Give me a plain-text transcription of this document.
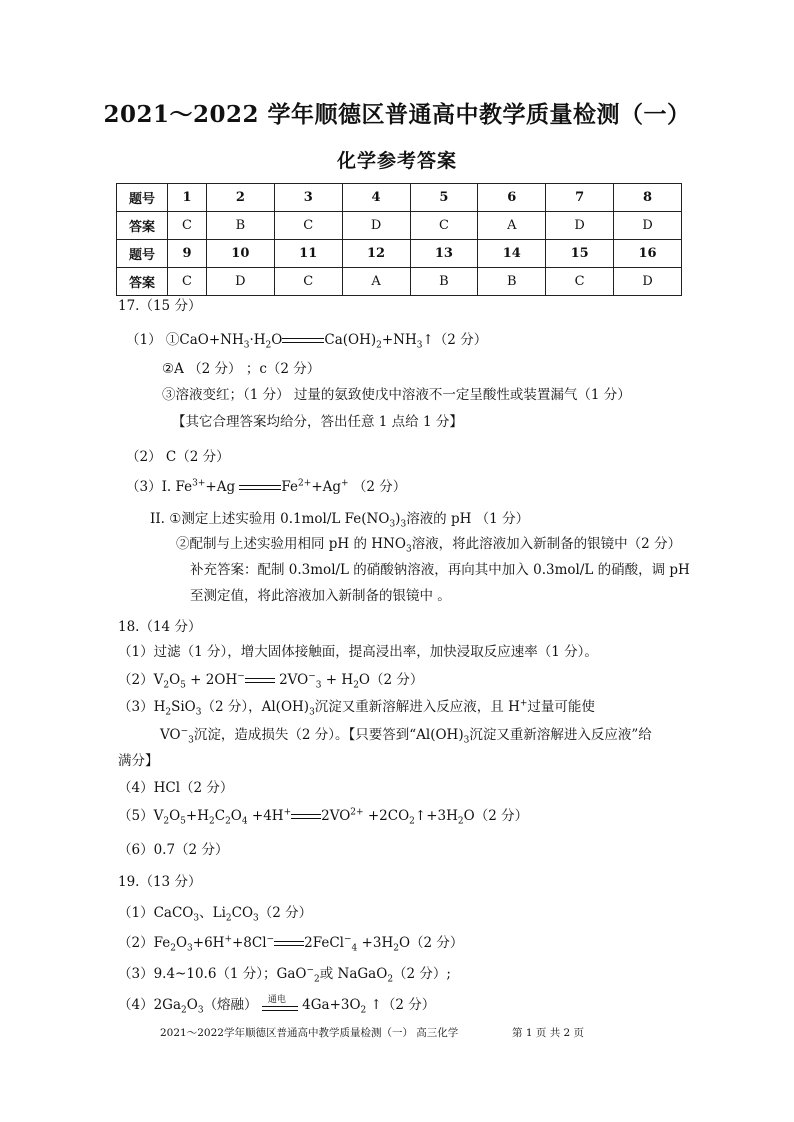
2021～2022 学年顺德区普通高中教学质量检测（一）
化学参考答案
题号	1	2	3	4	5	6	7	8
答案	C	B	C	D	C	A	D	D
题号	9	10	11	12	13	14	15	16
答案	C	D	C	A	B	B	C	D
17.（15 分）
（1） $①CaO+NH_3\cdot H_2O$	$Ca(OH)_2+NH_3↑(2$ 分）
②A （2 分） ；c（2 分）
③溶液变红；（1 分） 过量的氨致使戊中溶液不一定呈酸性或装置漏气（1 分）
【其它合理答案均给分，答出任意 1 点给 1 分】
（2） C（2 分）
（3）I. $Fe^{3+}+Ag$	$Fe^{2+}+Ag^+$ （2 分）
II. ①测定上述实验用 0.1mol/L $Fe(NO_3)_3$溶液的 pH （1 分）
②配制与上述实验用相同 pH 的 $HNO_3$溶液，将此溶液加入新制备的银镜中（2 分）
补充答案：配制 0.3mol/L 的硝酸钠溶液，再向其中加入 0.3mol/L 的硝酸，调 pH
至测定值，将此溶液加入新制备的银镜中 。
18.（14 分）
（1）过滤（1 分），增大固体接触面，提高浸出率，加快浸取反应速率（1 分）。
$(2)V_2O_5 + 2OH^-$	$2VO^-_3 + H_2O(2$ 分）
$(3)H_2SiO_3(2$ 分），$Al(OH)_3$沉淀又重新溶解进入反应液，且 H+过量可能使
$VO^-_3$沉淀，造成损失（2 分）。【只要答到“$Al(OH)_3$沉淀又重新溶解进入反应液”给
满分】
（4）HCl（2 分）
$(5)V_2O_5+H_2C_2O_4 +4H^+$ $2VO^{2+}$ $+2CO_2↑+3H_2O(2$ 分）
（6）0.7（2 分）
19.（13 分）
（1）CaCO$_3$、$Li_2CO_3(2$ 分）
$(2)Fe_2O_3+6H^++8Cl^-$ 2FeCl−$_4$ $+3H_2O(2$ 分）
（3）9.4~10.6（1 分）；GaO−$_2$或 NaGaO$_2$（2 分）;
$(4)2Ga_2O_3$（熔融） 通电 $4Ga+3O_2$ ↑（2 分）
2021～2022学年顺德区普通高中教学质量检测（一） 高三化学	第 1 页 共 2 页
